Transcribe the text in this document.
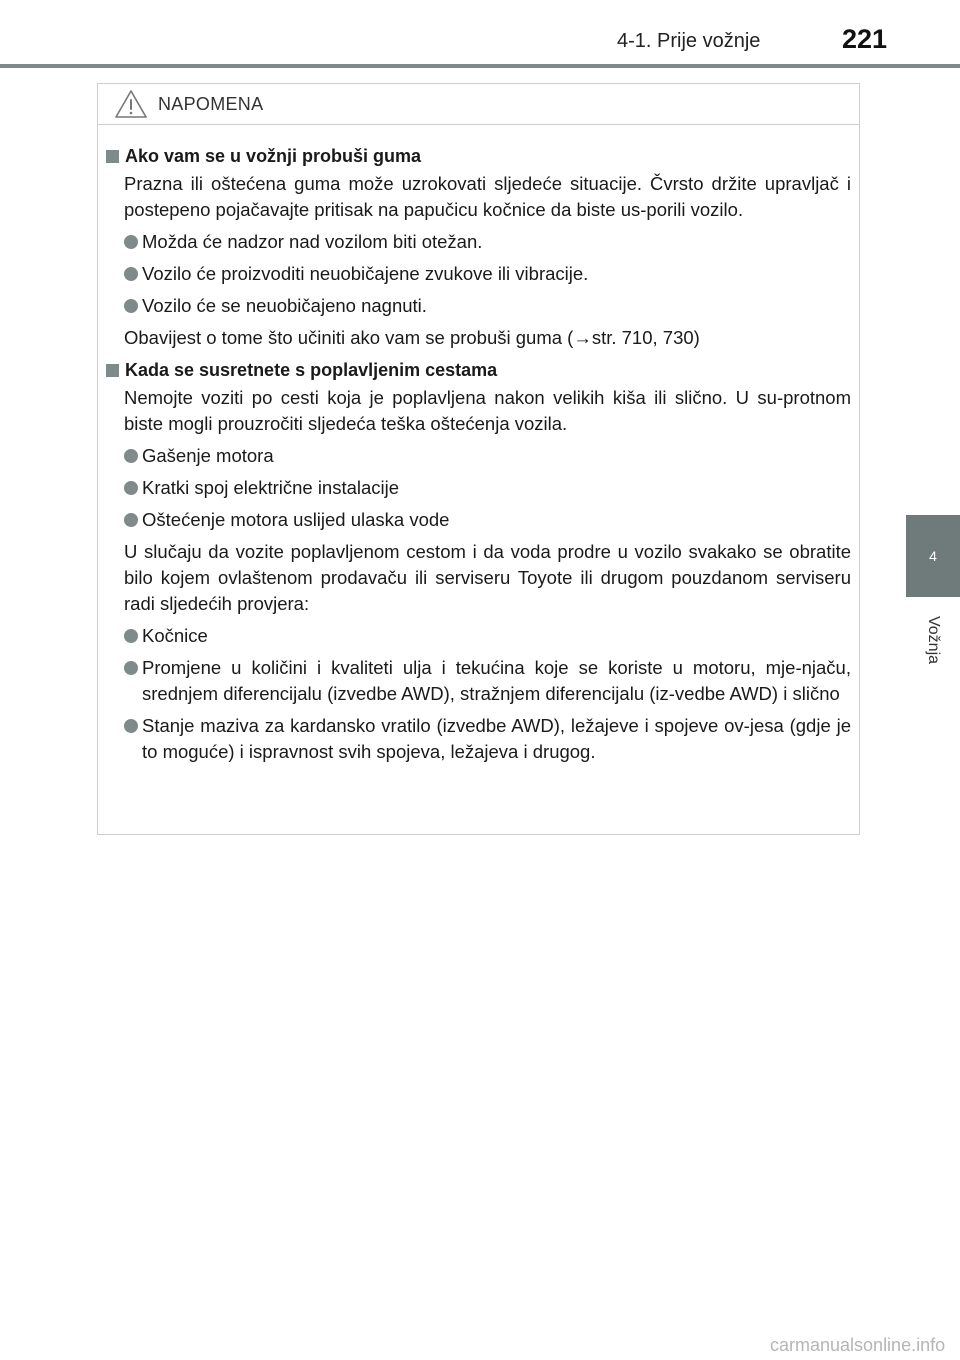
4-1. Prije vožnje	221
4
Vožnja
NAPOMENA
Ako vam se u vožnji probuši guma
Prazna ili oštećena guma može uzrokovati sljedeće situacije. Čvrsto držite upravljač i postepeno pojačavajte pritisak na papučicu kočnice da biste us-porili vozilo.
Možda će nadzor nad vozilom biti otežan.
Vozilo će proizvoditi neuobičajene zvukove ili vibracije.
Vozilo će se neuobičajeno nagnuti.
Obavijest o tome što učiniti ako vam se probuši guma (→str. 710, 730)
Kada se susretnete s poplavljenim cestama
Nemojte voziti po cesti koja je poplavljena nakon velikih kiša ili slično. U su-protnom biste mogli prouzročiti sljedeća teška oštećenja vozila.
Gašenje motora
Kratki spoj električne instalacije
Oštećenje motora uslijed ulaska vode
U slučaju da vozite poplavljenom cestom i da voda prodre u vozilo svakako se obratite bilo kojem ovlaštenom prodavaču ili serviseru Toyote ili drugom pouzdanom serviseru radi sljedećih provjera:
Kočnice
Promjene u količini i kvaliteti ulja i tekućina koje se koriste u motoru, mje-njaču, srednjem diferencijalu (izvedbe AWD), stražnjem diferencijalu (iz-vedbe AWD) i slično
Stanje maziva za kardansko vratilo (izvedbe AWD), ležajeve i spojeve ov-jesa (gdje je to moguće) i ispravnost svih spojeva, ležajeva i drugog.
carmanualsonline.info
